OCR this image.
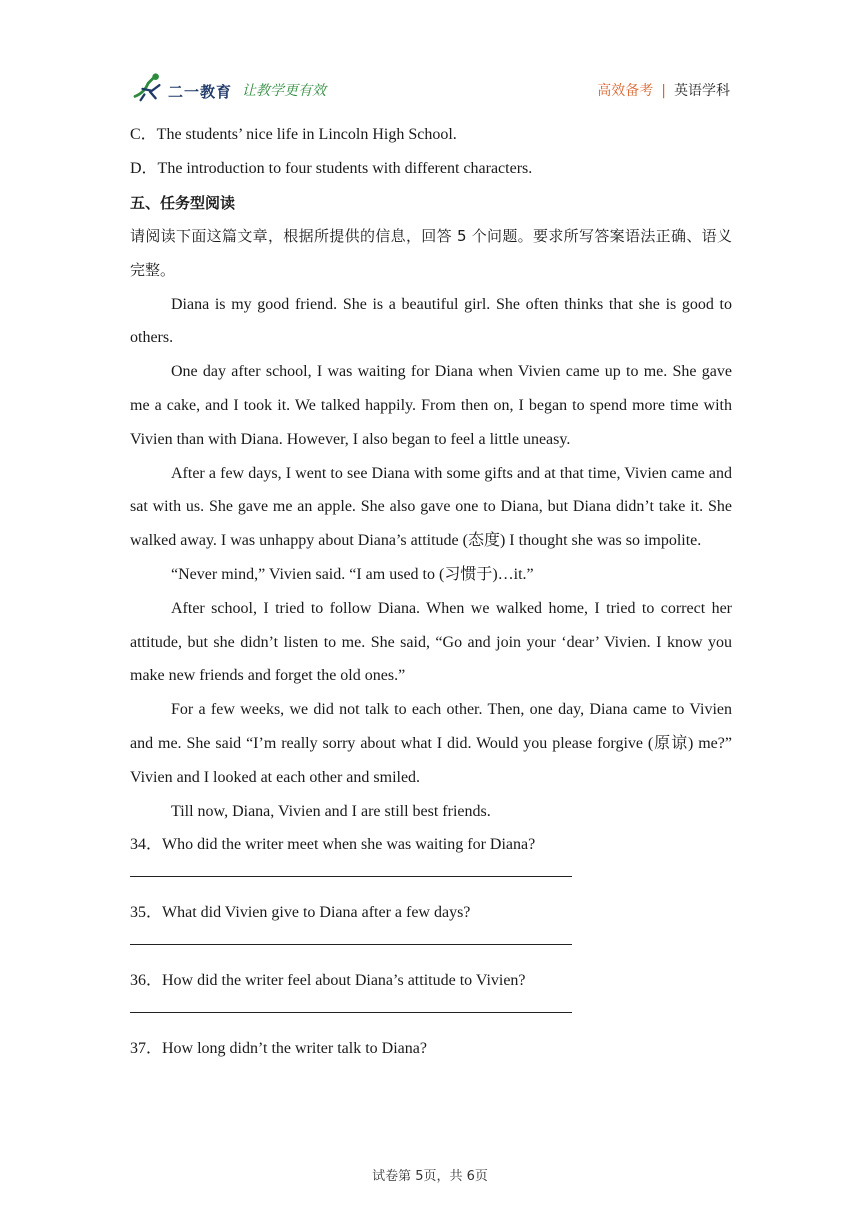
二一教育 让教学更有效	高效备考 | 英语学科
C．The students’ nice life in Lincoln High School.
D．The introduction to four students with different characters.
五、任务型阅读

请阅读下面这篇文章，根据所提供的信息，回答 5 个问题。要求所写答案语法正确、语义完整。

Diana is my good friend. She is a beautiful girl. She often thinks that she is good to others.

One day after school, I was waiting for Diana when Vivien came up to me. She gave me a cake, and I took it. We talked happily. From then on, I began to spend more time with Vivien than with Diana. However, I also began to feel a little uneasy.

After a few days, I went to see Diana with some gifts and at that time, Vivien came and sat with us. She gave me an apple. She also gave one to Diana, but Diana didn’t take it. She walked away. I was unhappy about Diana’s attitude (态度) I thought she was so impolite.

“Never mind,” Vivien said. “I am used to (习惯于)…it.”

After school, I tried to follow Diana. When we walked home, I tried to correct her attitude, but she didn’t listen to me. She said, “Go and join your ‘dear’ Vivien. I know you make new friends and forget the old ones.”

For a few weeks, we did not talk to each other. Then, one day, Diana came to Vivien and me. She said “I’m really sorry about what I did. Would you please forgive (原谅) me?” Vivien and I looked at each other and smiled.

Till now, Diana, Vivien and I are still best friends.

34．Who did the writer meet when she was waiting for Diana?
35．What did Vivien give to Diana after a few days?
36．How did the writer feel about Diana’s attitude to Vivien?
37．How long didn’t the writer talk to Diana?
试卷第 5页，共 6页
